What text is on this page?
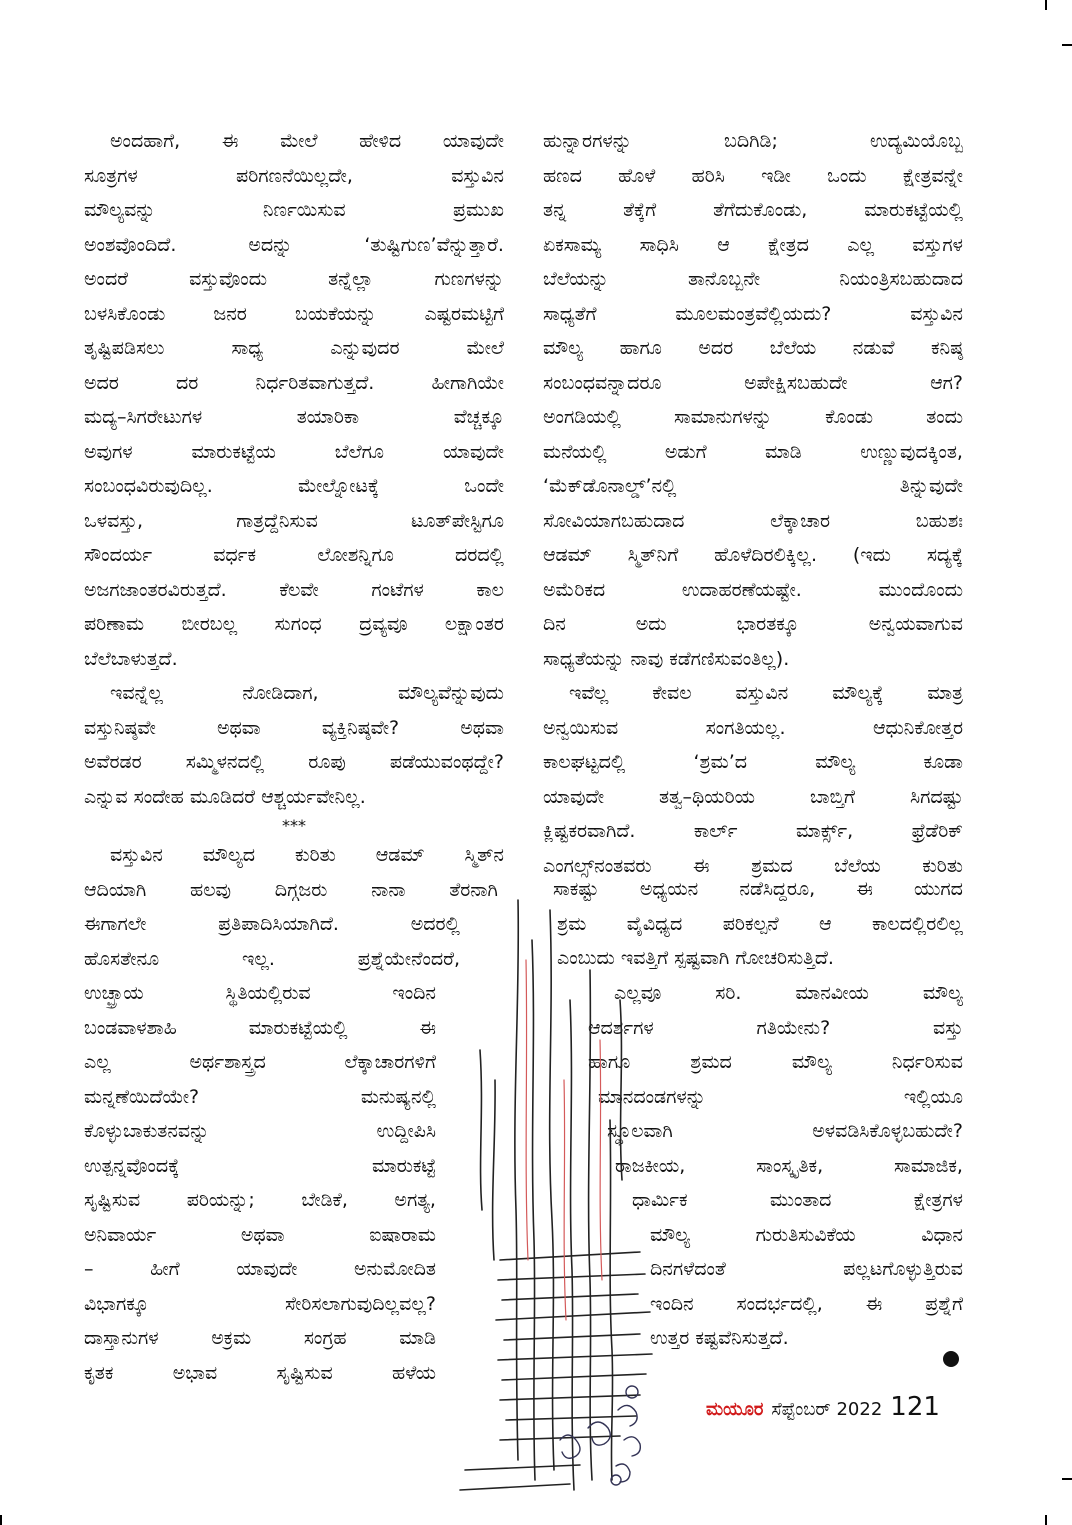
ಅಂದಹಾಗೆ, ಈ ಮೇಲೆ ಹೇಳಿದ ಯಾವುದೇ
ಸೂತ್ರಗಳ	ಪರಿಗಣನೆಯಿಲ್ಲದೇ,	ವಸ್ತುವಿನ
ಮೌಲ್ಯವನ್ನು	ನಿರ್ಣಯಿಸುವ	ಪ್ರಮುಖ
ಅಂಶವೊಂದಿದೆ.	ಅದನ್ನು	‘ತುಷ್ಟಿಗುಣ’ವೆನ್ನುತ್ತಾರೆ.
ಅಂದರೆ	ವಸ್ತುವೊಂದು	ತನ್ನೆಲ್ಲಾ	ಗುಣಗಳನ್ನು
ಬಳಸಿಕೊಂಡು	ಜನರ	ಬಯಕೆಯನ್ನು	ಎಷ್ಟರಮಟ್ಟಿಗೆ
ತೃಷ್ಟಿಪಡಿಸಲು	ಸಾಧ್ಯ	ಎನ್ನುವುದರ	ಮೇಲೆ
ಅದರ	ದರ	ನಿರ್ಧರಿತವಾಗುತ್ತದೆ.	ಹೀಗಾಗಿಯೇ
ಮದ್ಯ–ಸಿಗರೇಟುಗಳ	ತಯಾರಿಕಾ	ವೆಚ್ಚಕ್ಕೂ
ಅವುಗಳ	ಮಾರುಕಟ್ಟೆಯ	ಬೆಲೆಗೂ	ಯಾವುದೇ
ಸಂಬಂಧವಿರುವುದಿಲ್ಲ.	ಮೇಲ್ನೋಟಕ್ಕೆ	ಒಂದೇ
ಒಳವಸ್ತು,	ಗಾತ್ರದ್ದೆನಿಸುವ	ಟೂತ್‌ಪೇಸ್ಟಿಗೂ
ಸೌಂದರ್ಯ	ವರ್ಧಕ	ಲೋಶನ್ನಿಗೂ	ದರದಲ್ಲಿ
ಅಜಗಜಾಂತರವಿರುತ್ತದೆ.	ಕೆಲವೇ	ಗಂಟೆಗಳ	ಕಾಲ
ಪರಿಣಾಮ ಬೀರಬಲ್ಲ ಸುಗಂಧ ದ್ರವ್ಯವೂ ಲಕ್ಷಾಂತರ
ಬೆಲೆಬಾಳುತ್ತದೆ.
ಇವನ್ನೆಲ್ಲ	ನೋಡಿದಾಗ,	ಮೌಲ್ಯವೆನ್ನುವುದು
ವಸ್ತುನಿಷ್ಠವೇ	ಅಥವಾ	ವ್ಯಕ್ತಿನಿಷ್ಠವೇ?	ಅಥವಾ
ಅವೆರಡರ ಸಮ್ಮಿಳನದಲ್ಲಿ ರೂಪು ಪಡೆಯುವಂಥದ್ದೇ?
ಎನ್ನುವ ಸಂದೇಹ ಮೂಡಿದರೆ ಆಶ್ಚರ್ಯವೇನಿಲ್ಲ.
***
ವಸ್ತುವಿನ ಮೌಲ್ಯದ ಕುರಿತು ಆಡಮ್ ಸ್ಮಿತ್‌ನ
ಆದಿಯಾಗಿ ಹಲವು ದಿಗ್ಗಜರು ನಾನಾ ತೆರನಾಗಿ
ಈಗಾಗಲೇ	ಪ್ರತಿಪಾದಿಸಿಯಾಗಿದೆ.	ಅದರಲ್ಲಿ
ಹೊಸತೇನೂ	ಇಲ್ಲ.	ಪ್ರಶ್ನೆಯೇನೆಂದರೆ,
ಉಚ್ಛ್ರಾಯ	ಸ್ಥಿತಿಯಲ್ಲಿರುವ	ಇಂದಿನ
ಬಂಡವಾಳಶಾಹಿ	ಮಾರುಕಟ್ಟೆಯಲ್ಲಿ	ಈ
ಎಲ್ಲ	ಅರ್ಥಶಾಸ್ತ್ರದ	ಲೆಕ್ಕಾಚಾರಗಳಿಗೆ
ಮನ್ನಣೆಯಿದೆಯೇ?	ಮನುಷ್ಯನಲ್ಲಿ
ಕೊಳ್ಳುಬಾಕುತನವನ್ನು	ಉದ್ದೀಪಿಸಿ
ಉತ್ಪನ್ನವೊಂದಕ್ಕೆ	ಮಾರುಕಟ್ಟೆ
ಸೃಷ್ಟಿಸುವ ಪರಿಯನ್ನು; ಬೇಡಿಕೆ, ಅಗತ್ಯ,
ಅನಿವಾರ್ಯ	ಅಥವಾ	ಐಷಾರಾಮ
–	ಹೀಗೆ	ಯಾವುದೇ	ಅನುಮೋದಿತ
ವಿಭಾಗಕ್ಕೂ	ಸೇರಿಸಲಾಗುವುದಿಲ್ಲವಲ್ಲ?
ದಾಸ್ತಾನುಗಳ	ಅಕ್ರಮ	ಸಂಗ್ರಹ	ಮಾಡಿ
ಕೃತಕ	ಅಭಾವ	ಸೃಷ್ಟಿಸುವ	ಹಳೆಯ
ಹುನ್ನಾರಗಳನ್ನು	ಬದಿಗಿಡಿ;	ಉದ್ಯಮಿಯೊಬ್ಬ
ಹಣದ ಹೊಳೆ ಹರಿಸಿ ಇಡೀ ಒಂದು ಕ್ಷೇತ್ರವನ್ನೇ
ತನ್ನ	ತೆಕ್ಕೆಗೆ	ತೆಗೆದುಕೊಂಡು,	ಮಾರುಕಟ್ಟೆಯಲ್ಲಿ
ಏಕಸಾಮ್ಯ ಸಾಧಿಸಿ ಆ ಕ್ಷೇತ್ರದ ಎಲ್ಲ ವಸ್ತುಗಳ
ಬೆಲೆಯನ್ನು	ತಾನೊಬ್ಬನೇ	ನಿಯಂತ್ರಿಸಬಹುದಾದ
ಸಾಧ್ಯತೆಗೆ	ಮೂಲಮಂತ್ರವೆಲ್ಲಿಯದು?	ವಸ್ತುವಿನ
ಮೌಲ್ಯ ಹಾಗೂ ಅದರ ಬೆಲೆಯ ನಡುವೆ ಕನಿಷ್ಠ
ಸಂಬಂಧವನ್ನಾದರೂ	ಅಪೇಕ್ಷಿಸಬಹುದೇ	ಆಗ?
ಅಂಗಡಿಯಲ್ಲಿ	ಸಾಮಾನುಗಳನ್ನು	ಕೊಂಡು	ತಂದು
ಮನೆಯಲ್ಲಿ	ಅಡುಗೆ	ಮಾಡಿ	ಉಣ್ಣುವುದಕ್ಕಿಂತ,
‘ಮೆಕ್‌ಡೊನಾಲ್ಡ್’ನಲ್ಲಿ	ತಿನ್ನುವುದೇ
ಸೋವಿಯಾಗಬಹುದಾದ	ಲೆಕ್ಕಾಚಾರ	ಬಹುಶಃ
ಆಡಮ್ ಸ್ಮಿತ್‌ನಿಗೆ ಹೊಳೆದಿರಲಿಕ್ಕಿಲ್ಲ. (ಇದು ಸದ್ಯಕ್ಕೆ
ಅಮೆರಿಕದ	ಉದಾಹರಣೆಯಷ್ಟೇ.	ಮುಂದೊಂದು
ದಿನ	ಅದು	ಭಾರತಕ್ಕೂ	ಅನ್ವಯವಾಗುವ
ಸಾಧ್ಯತೆಯನ್ನು ನಾವು ಕಡೆಗಣಿಸುವಂತಿಲ್ಲ).
ಇವೆಲ್ಲ ಕೇವಲ ವಸ್ತುವಿನ ಮೌಲ್ಯಕ್ಕೆ ಮಾತ್ರ
ಅನ್ವಯಿಸುವ	ಸಂಗತಿಯಲ್ಲ.	ಆಧುನಿಕೋತ್ತರ
ಕಾಲಘಟ್ಟದಲ್ಲಿ	‘ಶ್ರಮ’ದ	ಮೌಲ್ಯ	ಕೂಡಾ
ಯಾವುದೇ	ತತ್ವ–ಥಿಯರಿಯ	ಬಾಬ್ತಿಗೆ	ಸಿಗದಷ್ಟು
ಕ್ಲಿಷ್ಟಕರವಾಗಿದೆ.	ಕಾರ್ಲ್	ಮಾರ್ಕ್ಸ್,	ಫ್ರೆಡೆರಿಕ್
ಎಂಗಲ್ಸ್‌ನಂತವರು ಈ ಶ್ರಮದ ಬೆಲೆಯ ಕುರಿತು
ಸಾಕಷ್ಟು ಅಧ್ಯಯನ ನಡೆಸಿದ್ದರೂ, ಈ ಯುಗದ
ಶ್ರಮ ವೈವಿಧ್ಯದ ಪರಿಕಲ್ಪನೆ ಆ ಕಾಲದಲ್ಲಿರಲಿಲ್ಲ
ಎಂಬುದು ಇವತ್ತಿಗೆ ಸ್ಪಷ್ಟವಾಗಿ ಗೋಚರಿಸುತ್ತಿದೆ.
ಎಲ್ಲವೂ	ಸರಿ.	ಮಾನವೀಯ	ಮೌಲ್ಯ
ಆದರ್ಶಗಳ	ಗತಿಯೇನು?	ವಸ್ತು
ಹಾಗೂ	ಶ್ರಮದ	ಮೌಲ್ಯ	ನಿರ್ಧರಿಸುವ
ಮಾನದಂಡಗಳನ್ನು	ಇಲ್ಲಿಯೂ
ಸ್ಥೂಲವಾಗಿ	ಅಳವಡಿಸಿಕೊಳ್ಳಬಹುದೇ?
ರಾಜಕೀಯ,	ಸಾಂಸ್ಕೃತಿಕ,	ಸಾಮಾಜಿಕ,
ಧಾರ್ಮಿಕ	ಮುಂತಾದ	ಕ್ಷೇತ್ರಗಳ
ಮೌಲ್ಯ	ಗುರುತಿಸುವಿಕೆಯ	ವಿಧಾನ
ದಿನಗಳೆದಂತೆ	ಪಲ್ಲಟಗೊಳ್ಳುತ್ತಿರುವ
ಇಂದಿನ ಸಂದರ್ಭದಲ್ಲಿ, ಈ ಪ್ರಶ್ನೆಗೆ
ಉತ್ತರ ಕಷ್ಟವೆನಿಸುತ್ತದೆ.
ಮಯೂರ ಸೆಪ್ಟೆಂಬರ್ 2022 121
